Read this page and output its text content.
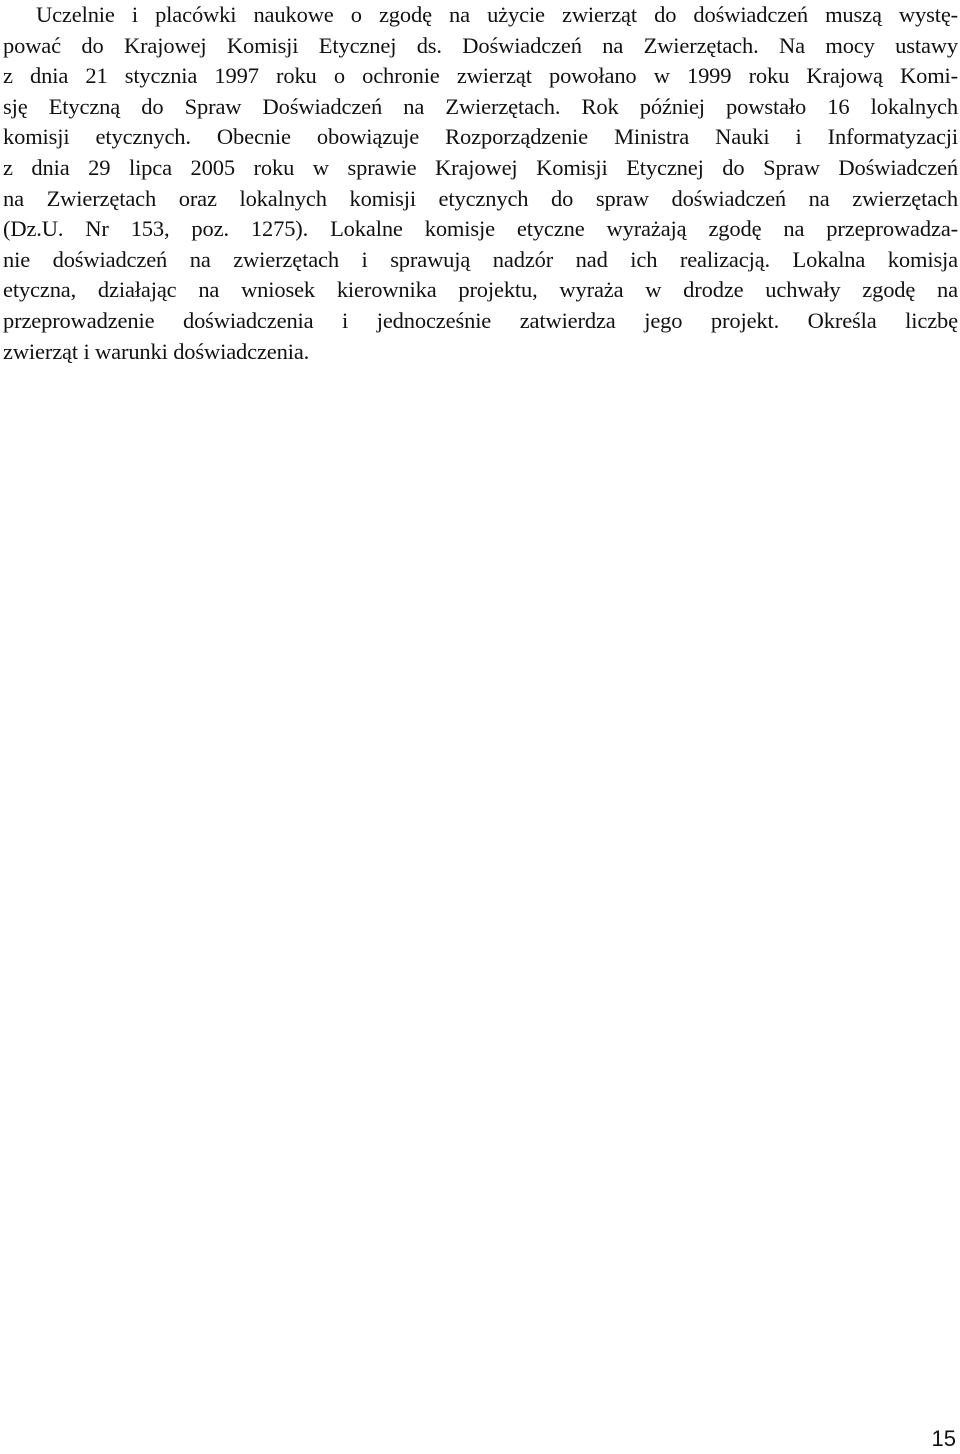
Uczelnie i placówki naukowe o zgodę na użycie zwierząt do doświadczeń muszą wystę-
pować do Krajowej Komisji Etycznej ds. Doświadczeń na Zwierzętach. Na mocy ustawy
z dnia 21 stycznia 1997 roku o ochronie zwierząt powołano w 1999 roku Krajową Komi-
sję Etyczną do Spraw Doświadczeń na Zwierzętach. Rok później powstało 16 lokalnych
komisji etycznych. Obecnie obowiązuje Rozporządzenie Ministra Nauki i Informatyzacji
z dnia 29 lipca 2005 roku w sprawie Krajowej Komisji Etycznej do Spraw Doświadczeń
na Zwierzętach oraz lokalnych komisji etycznych do spraw doświadczeń na zwierzętach
(Dz.U. Nr 153, poz. 1275). Lokalne komisje etyczne wyrażają zgodę na przeprowadza-
nie doświadczeń na zwierzętach i sprawują nadzór nad ich realizacją. Lokalna komisja
etyczna, działając na wniosek kierownika projektu, wyraża w drodze uchwały zgodę na
przeprowadzenie doświadczenia i jednocześnie zatwierdza jego projekt. Określa liczbę
zwierząt i warunki doświadczenia.
15
